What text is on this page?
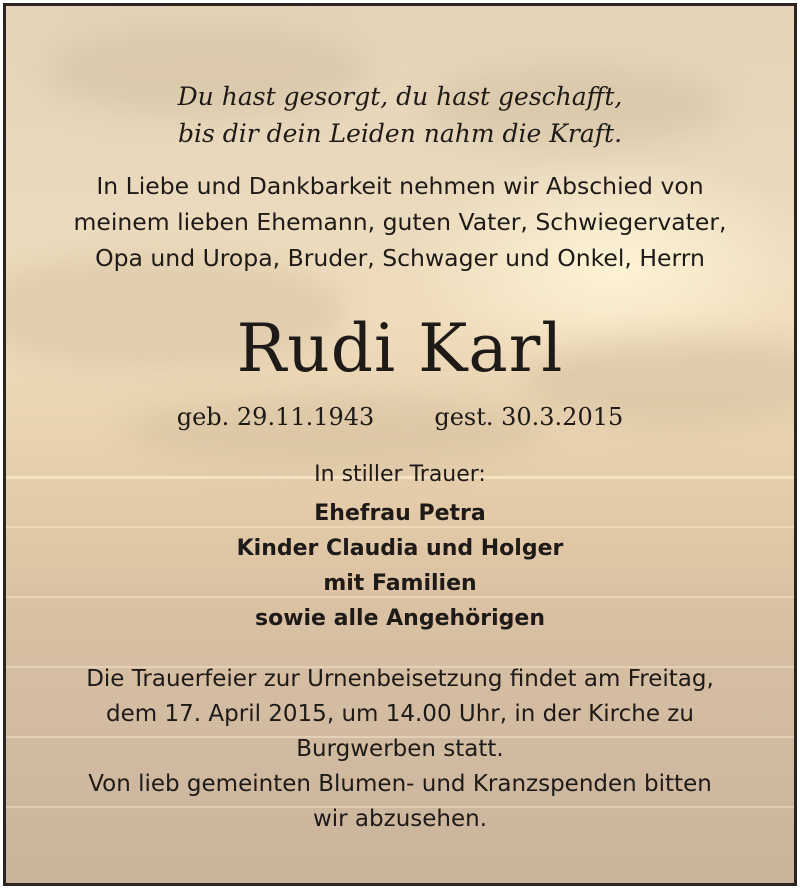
Du hast gesorgt, du hast geschafft,
bis dir dein Leiden nahm die Kraft.
In Liebe und Dankbarkeit nehmen wir Abschied von
meinem lieben Ehemann, guten Vater, Schwiegervater,
Opa und Uropa, Bruder, Schwager und Onkel, Herrn
Rudi Karl
geb. 29.11.1943	gest. 30.3.2015
In stiller Trauer:
Ehefrau Petra
Kinder Claudia und Holger
mit Familien
sowie alle Angehörigen
Die Trauerfeier zur Urnenbeisetzung findet am Freitag,
dem 17. April 2015, um 14.00 Uhr, in der Kirche zu
Burgwerben statt.
Von lieb gemeinten Blumen- und Kranzspenden bitten
wir abzusehen.
